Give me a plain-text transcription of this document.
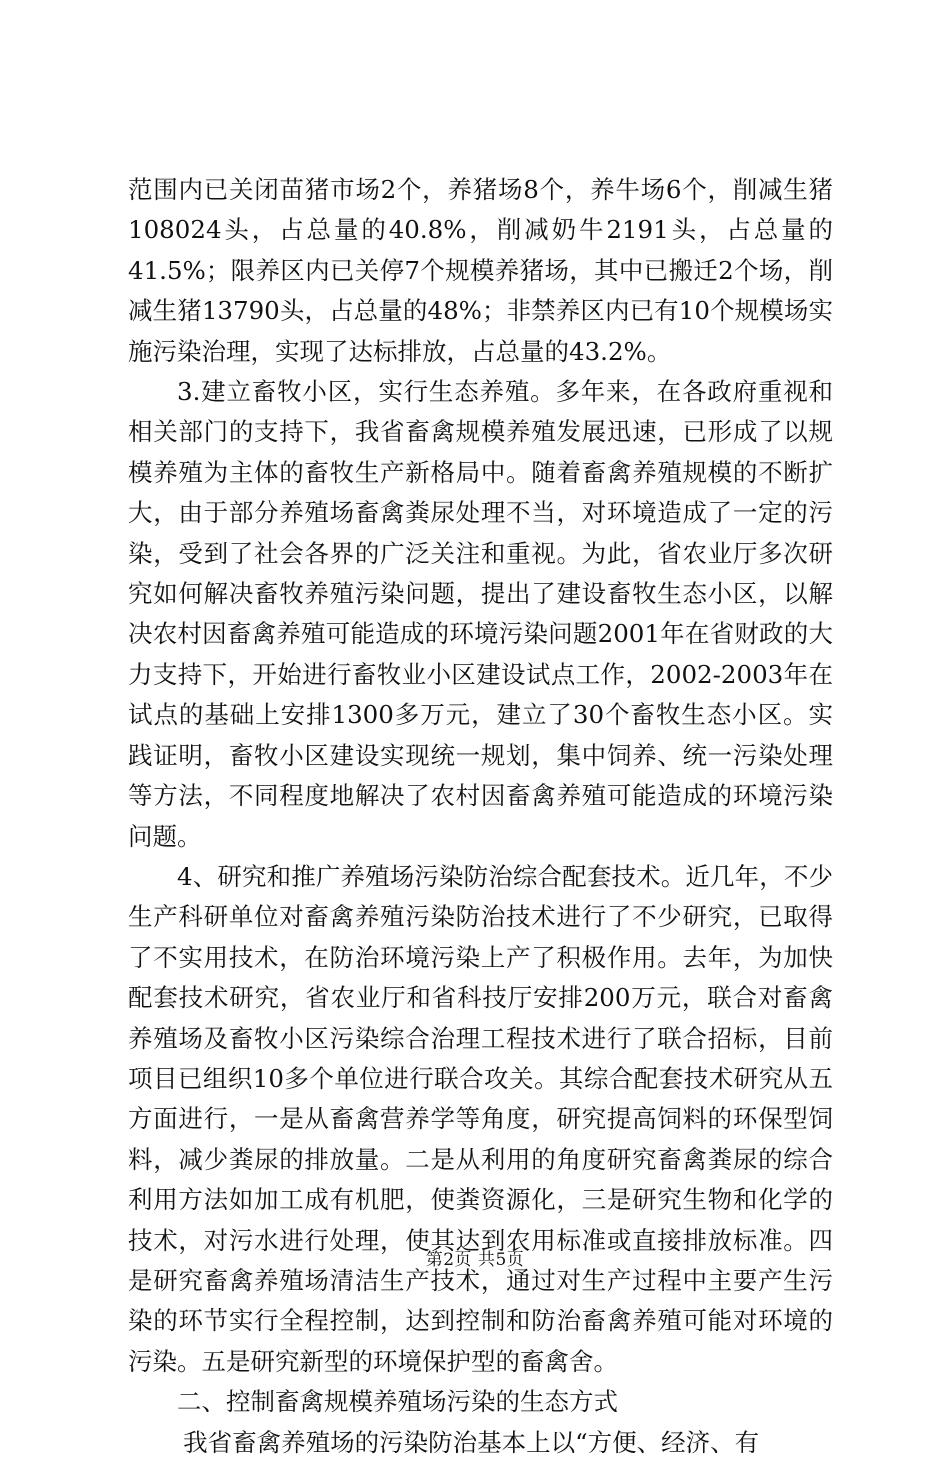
范围内已关闭苗猪市场2个，养猪场8个，养牛场6个，削减生猪108024头，占总量的40.8%，削减奶牛2191头，占总量的41.5%；限养区内已关停7个规模养猪场，其中已搬迁2个场，削减生猪13790头，占总量的48%；非禁养区内已有10个规模场实施污染治理，实现了达标排放，占总量的43.2%。

3.建立畜牧小区，实行生态养殖。多年来，在各政府重视和相关部门的支持下，我省畜禽规模养殖发展迅速，已形成了以规模养殖为主体的畜牧生产新格局中。随着畜禽养殖规模的不断扩大，由于部分养殖场畜禽粪尿处理不当，对环境造成了一定的污染，受到了社会各界的广泛关注和重视。为此，省农业厅多次研究如何解决畜牧养殖污染问题，提出了建设畜牧生态小区，以解决农村因畜禽养殖可能造成的环境污染问题2001年在省财政的大力支持下，开始进行畜牧业小区建设试点工作，2002-2003年在试点的基础上安排1300多万元，建立了30个畜牧生态小区。实践证明，畜牧小区建设实现统一规划，集中饲养、统一污染处理等方法，不同程度地解决了农村因畜禽养殖可能造成的环境污染问题。

4、研究和推广养殖场污染防治综合配套技术。近几年，不少生产科研单位对畜禽养殖污染防治技术进行了不少研究，已取得了不实用技术，在防治环境污染上产了积极作用。去年，为加快配套技术研究，省农业厅和省科技厅安排200万元，联合对畜禽养殖场及畜牧小区污染综合治理工程技术进行了联合招标，目前项目已组织10多个单位进行联合攻关。其综合配套技术研究从五方面进行，一是从畜禽营养学等角度，研究提高饲料的环保型饲料，减少粪尿的排放量。二是从利用的角度研究畜禽粪尿的综合利用方法如加工成有机肥，使粪资源化，三是研究生物和化学的技术，对污水进行处理，使其达到农用标准或直接排放标准。四是研究畜禽养殖场清洁生产技术，通过对生产过程中主要产生污染的环节实行全程控制，达到控制和防治畜禽养殖可能对环境的污染。五是研究新型的环境保护型的畜禽舍。

二、控制畜禽规模养殖场污染的生态方式

我省畜禽养殖场的污染防治基本上以“方便、经济、有

第2页 共5页
